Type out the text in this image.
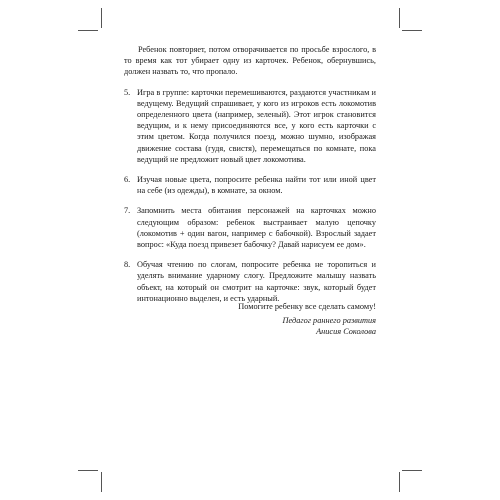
Ребенок повторяет, потом отворачивается по просьбе взрослого, в то время как тот убирает одну из карточек. Ребенок, обернувшись, должен назвать то, что пропало.

5. Игра в группе: карточки перемешиваются, раздаются участникам и ведущему. Ведущий спрашивает, у кого из игроков есть локомотив определенного цвета (например, зеленый). Этот игрок становится ведущим, и к нему присоединяются все, у кого есть карточки с этим цветом. Когда получился поезд, можно шумно, изображая движение состава (гудя, свистя), перемещаться по комнате, пока ведущий не предложит новый цвет локомотива.
6. Изучая новые цвета, попросите ребенка найти тот или иной цвет на себе (из одежды), в комнате, за окном.
7. Запомнить места обитания персонажей на карточках можно следующим образом: ребенок выстраивает малую цепочку (локомотив + один вагон, например с бабочкой). Взрослый задает вопрос: «Куда поезд привезет бабочку? Давай нарисуем ее дом».
8. Обучая чтению по слогам, попросите ребенка не торопиться и уделять внимание ударному слогу. Предложите малышу назвать объект, на который он смотрит на карточке: звук, который будет интонационно выделен, и есть ударный.

Помогите ребенку все сделать самому!

Педагог раннего развития

Анисия Соколова
